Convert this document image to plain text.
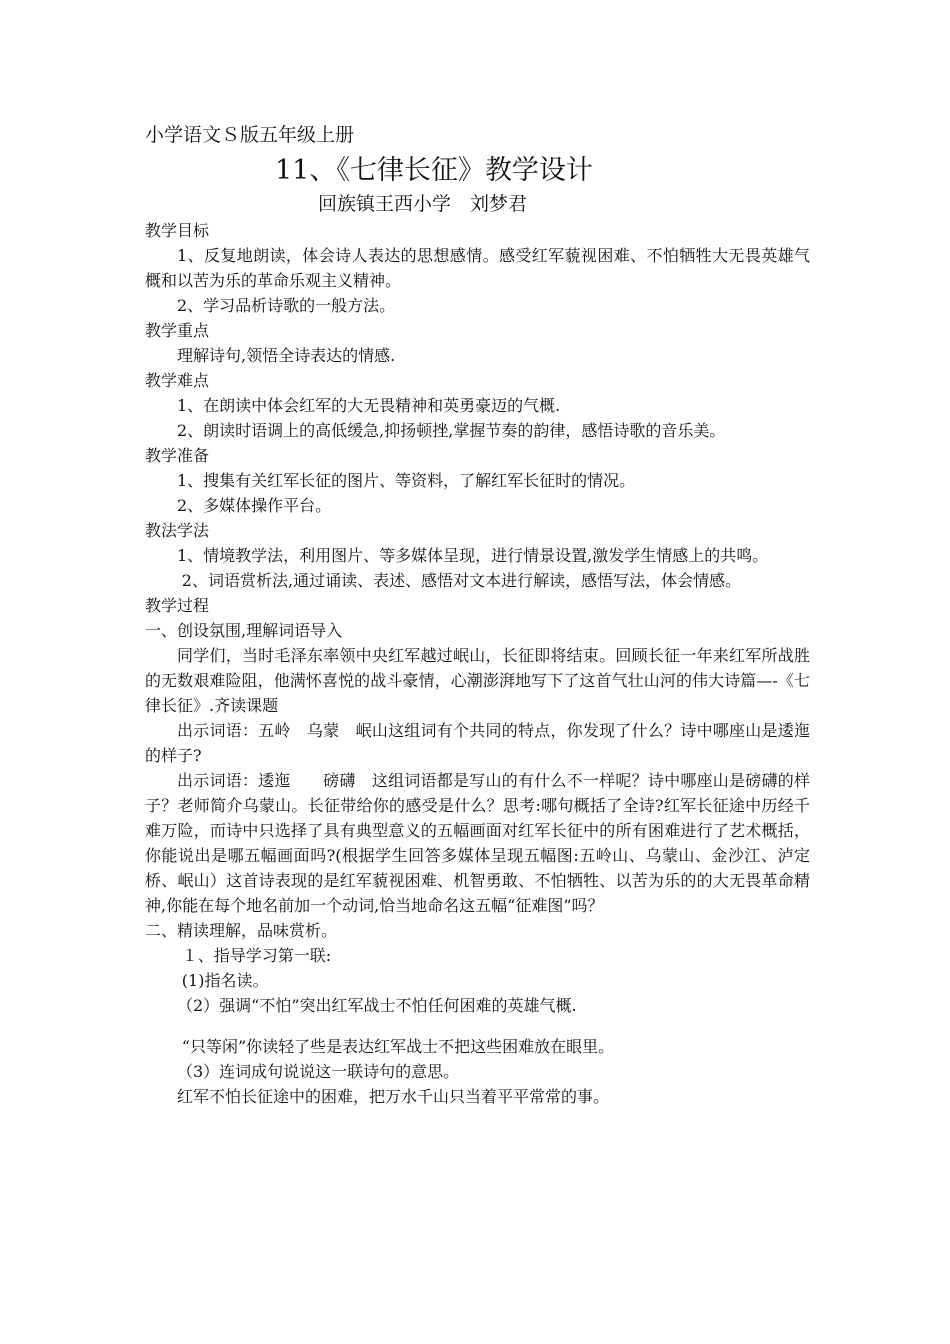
小学语文Ｓ版五年级上册
11、《七律长征》教学设计
回族镇王西小学　刘梦君

教学目标

1、反复地朗读，体会诗人表达的思想感情。感受红军藐视困难、不怕牺牲大无畏英雄气概和以苦为乐的革命乐观主义精神。

2、学习品析诗歌的一般方法。

教学重点

理解诗句,领悟全诗表达的情感.

教学难点

1、在朗读中体会红军的大无畏精神和英勇豪迈的气概.

2、朗读时语调上的高低缓急,抑扬顿挫,掌握节奏的韵律，感悟诗歌的音乐美。

教学准备

1、搜集有关红军长征的图片、等资料，了解红军长征时的情况。

2、多媒体操作平台。

教法学法

1、情境教学法，利用图片、等多媒体呈现，进行情景设置,激发学生情感上的共鸣。

2、词语赏析法,通过诵读、表述、感悟对文本进行解读，感悟写法，体会情感。

教学过程

一、创设氛围,理解词语导入

同学们，当时毛泽东率领中央红军越过岷山，长征即将结束。回顾长征一年来红军所战胜的无数艰难险阻，他满怀喜悦的战斗豪情，心潮澎湃地写下了这首气壮山河的伟大诗篇—-《七律长征》.齐读课题

出示词语：五岭　乌蒙　岷山这组词有个共同的特点，你发现了什么？诗中哪座山是逶迤的样子?

出示词语：逶迤　　磅礴　这组词语都是写山的有什么不一样呢？诗中哪座山是磅礴的样子？老师简介乌蒙山。长征带给你的感受是什么？思考:哪句概括了全诗?红军长征途中历经千难万险，而诗中只选择了具有典型意义的五幅画面对红军长征中的所有困难进行了艺术概括，你能说出是哪五幅画面吗?(根据学生回答多媒体呈现五幅图:五岭山、乌蒙山、金沙江、泸定桥、岷山）这首诗表现的是红军藐视困难、机智勇敢、不怕牺牲、以苦为乐的的大无畏革命精神,你能在每个地名前加一个动词,恰当地命名这五幅“征难图”吗？

二、精读理解，品味赏析。

１、指导学习第一联:

(1)指名读。

（2）强调“不怕”突出红军战士不怕任何困难的英雄气概.

“只等闲”你读轻了些是表达红军战士不把这些困难放在眼里。

（3）连词成句说说这一联诗句的意思。

红军不怕长征途中的困难，把万水千山只当着平平常常的事。
